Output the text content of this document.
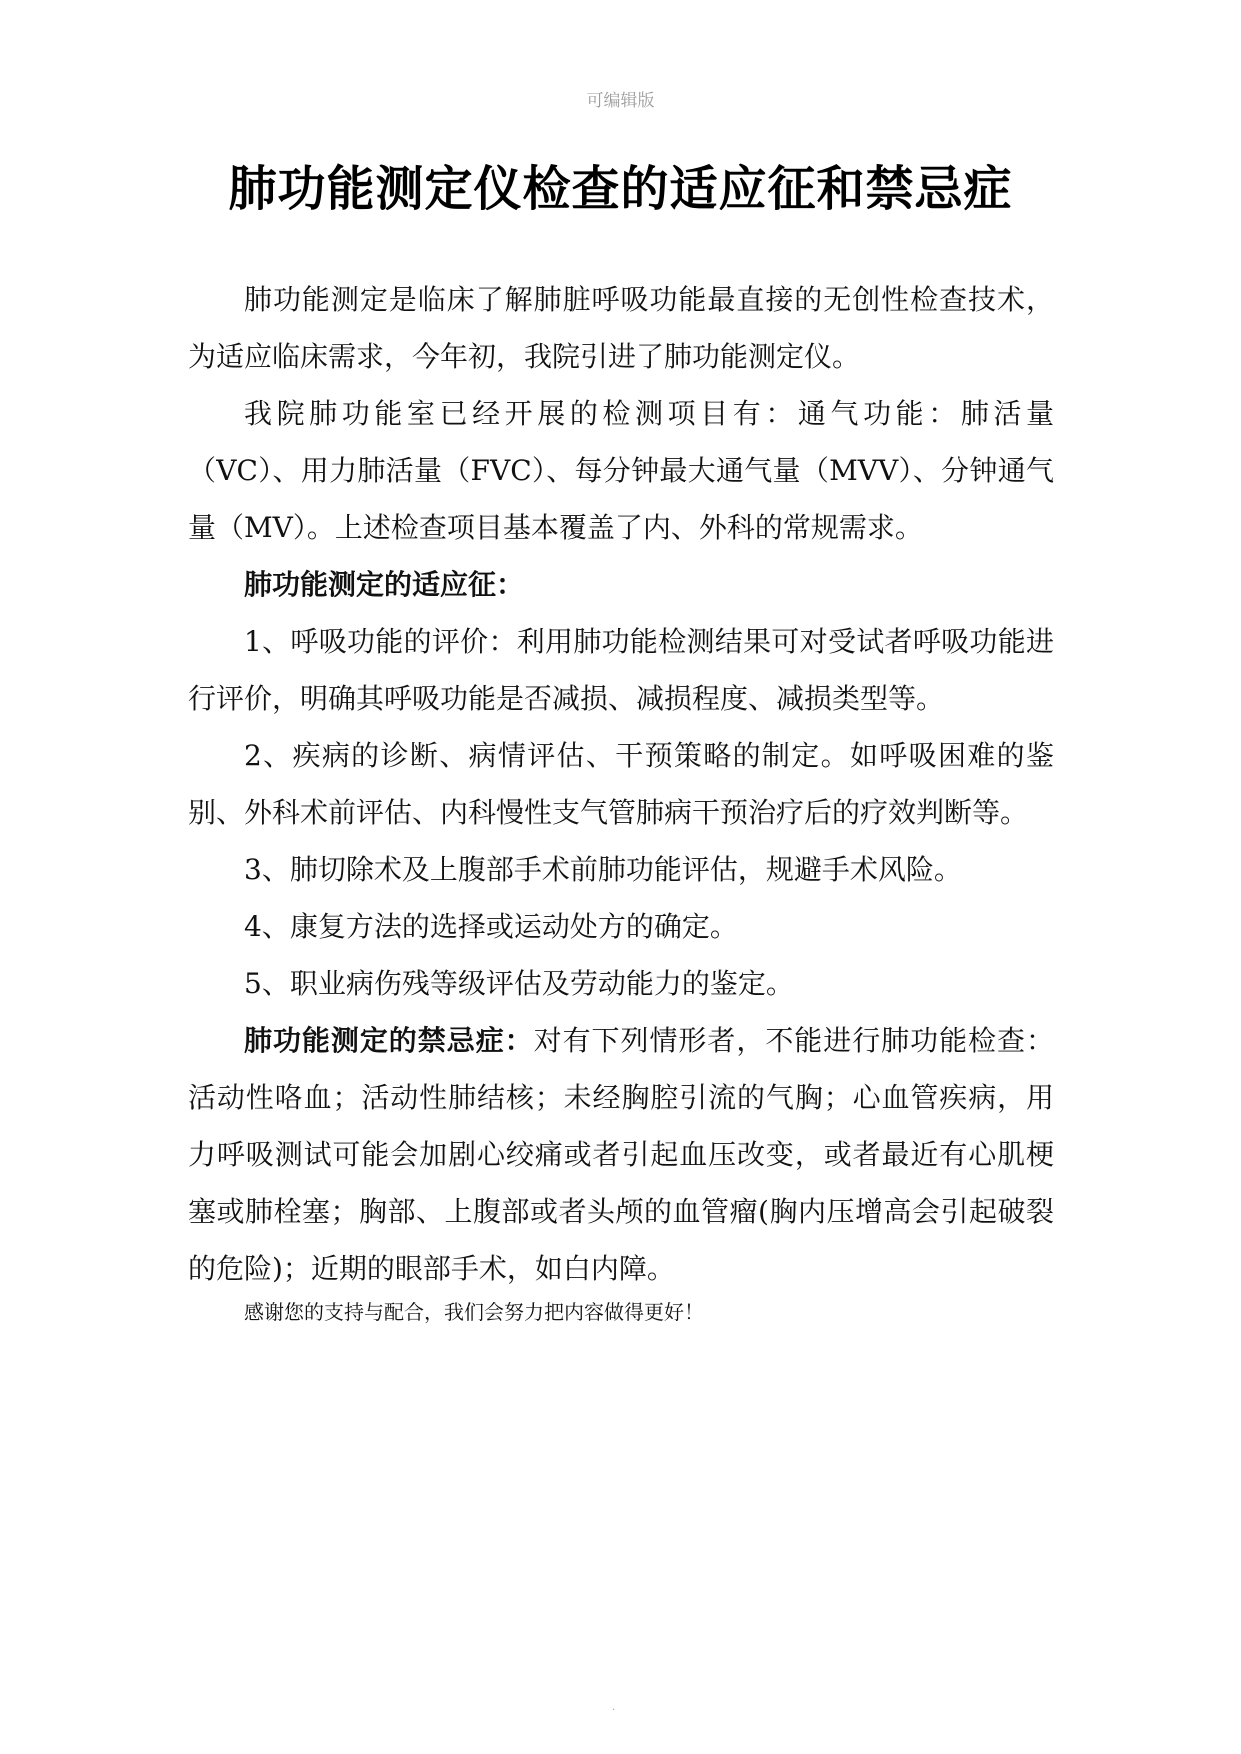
可编辑版
肺功能测定仪检查的适应征和禁忌症

肺功能测定是临床了解肺脏呼吸功能最直接的无创性检查技术，为适应临床需求，今年初，我院引进了肺功能测定仪。

我院肺功能室已经开展的检测项目有：通气功能：肺活量（VC）、用力肺活量（FVC）、每分钟最大通气量（MVV）、分钟通气量（MV）。上述检查项目基本覆盖了内、外科的常规需求。

肺功能测定的适应征：

1、呼吸功能的评价：利用肺功能检测结果可对受试者呼吸功能进行评价，明确其呼吸功能是否减损、减损程度、减损类型等。

2、疾病的诊断、病情评估、干预策略的制定。如呼吸困难的鉴别、外科术前评估、内科慢性支气管肺病干预治疗后的疗效判断等。

3、肺切除术及上腹部手术前肺功能评估，规避手术风险。

4、康复方法的选择或运动处方的确定。

5、职业病伤残等级评估及劳动能力的鉴定。

肺功能测定的禁忌症：对有下列情形者，不能进行肺功能检查：活动性咯血；活动性肺结核；未经胸腔引流的气胸；心血管疾病，用力呼吸测试可能会加剧心绞痛或者引起血压改变，或者最近有心肌梗塞或肺栓塞；胸部、上腹部或者头颅的血管瘤(胸内压增高会引起破裂的危险)；近期的眼部手术，如白内障。

感谢您的支持与配合，我们会努力把内容做得更好！

.
